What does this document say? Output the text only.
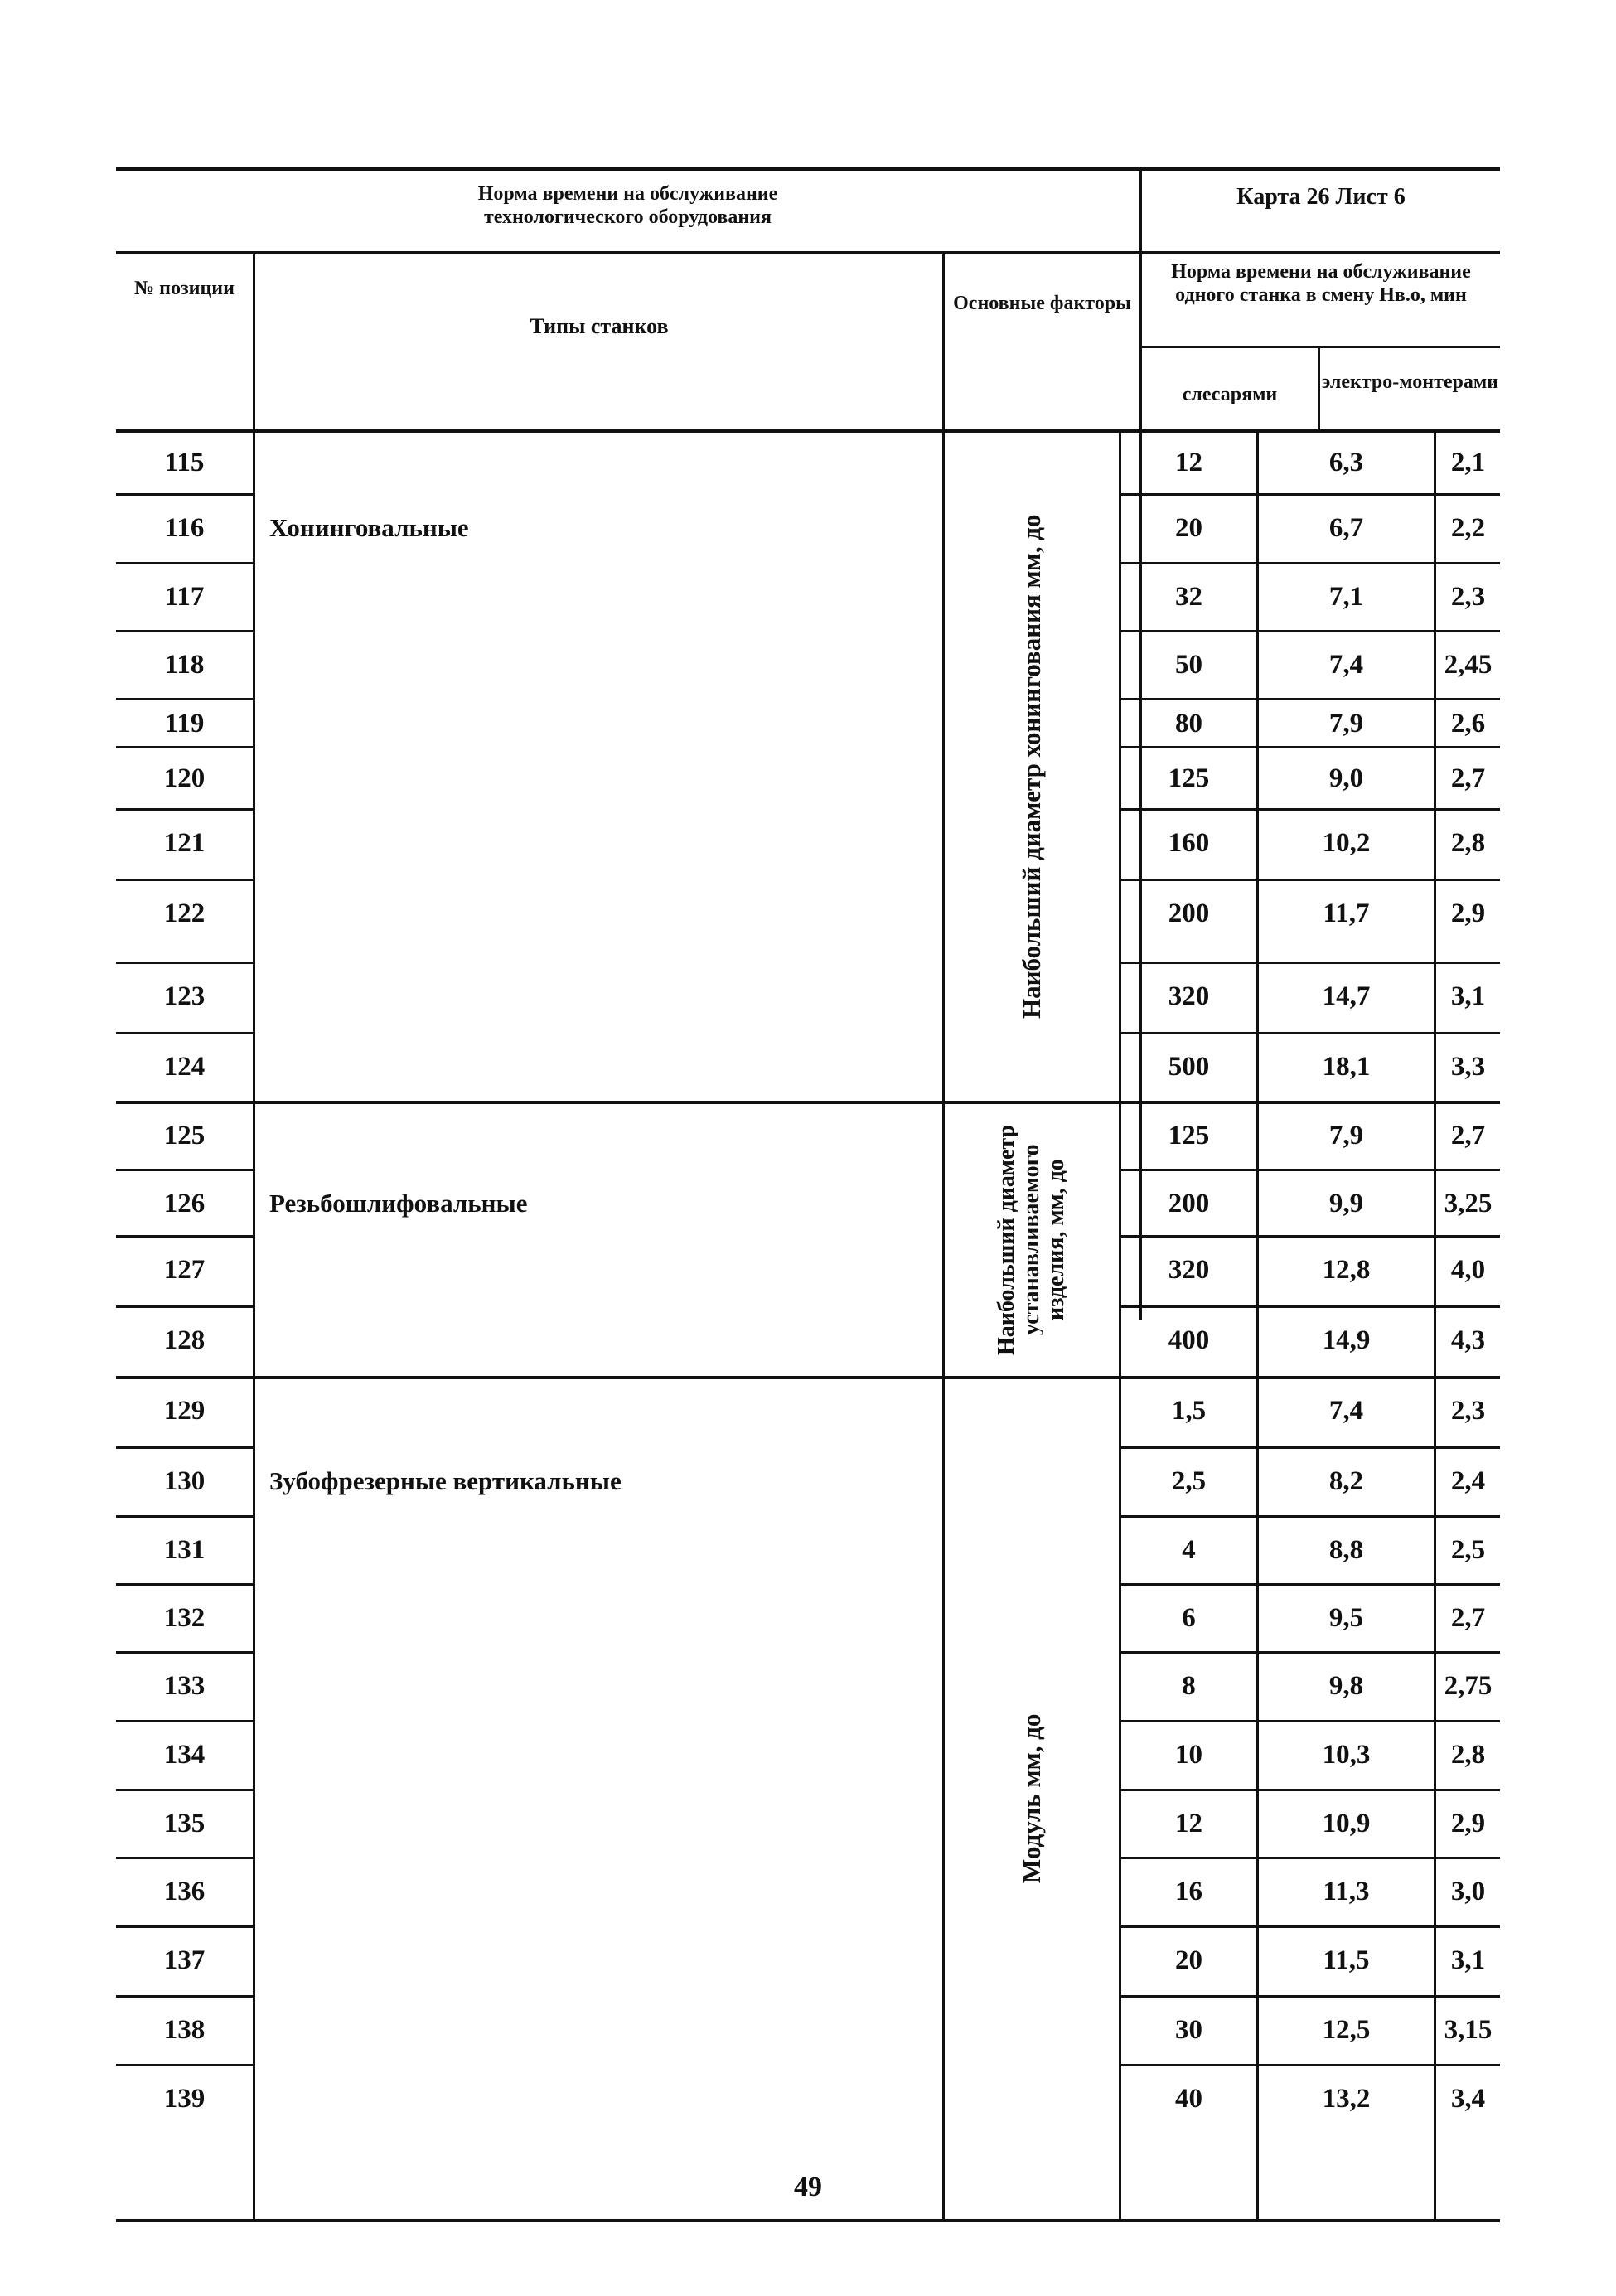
Норма времени на обслуживание
технологического оборудования
Карта 26 Лист 6
№ позиции
Типы станков
Основные факторы
Норма времени на обслуживание одного станка в смену Нв.о, мин
слесарями
электро-монтерами
115	12	6,3	2,1
116	20	6,7	2,2
117	32	7,1	2,3
118	50	7,4	2,45
119	80	7,9	2,6
120	125	9,0	2,7
121	160	10,2	2,8
122	200	11,7	2,9
123	320	14,7	3,1
124	500	18,1	3,3
125	125	7,9	2,7
126	200	9,9	3,25
127	320	12,8	4,0
128	400	14,9	4,3
129	1,5	7,4	2,3
130	2,5	8,2	2,4
131	4	8,8	2,5
132	6	9,5	2,7
133	8	9,8	2,75
134	10	10,3	2,8
135	12	10,9	2,9
136	16	11,3	3,0
137	20	11,5	3,1
138	30	12,5	3,15
139	40	13,2	3,4
Хонинговальные	Наибольший диаметр хонингования мм, до
Резьбошлифовальные	Наибольший диаметр устанавливаемого изделия, мм, до
Зубофрезерные вертикальные
Модуль мм, до
49
